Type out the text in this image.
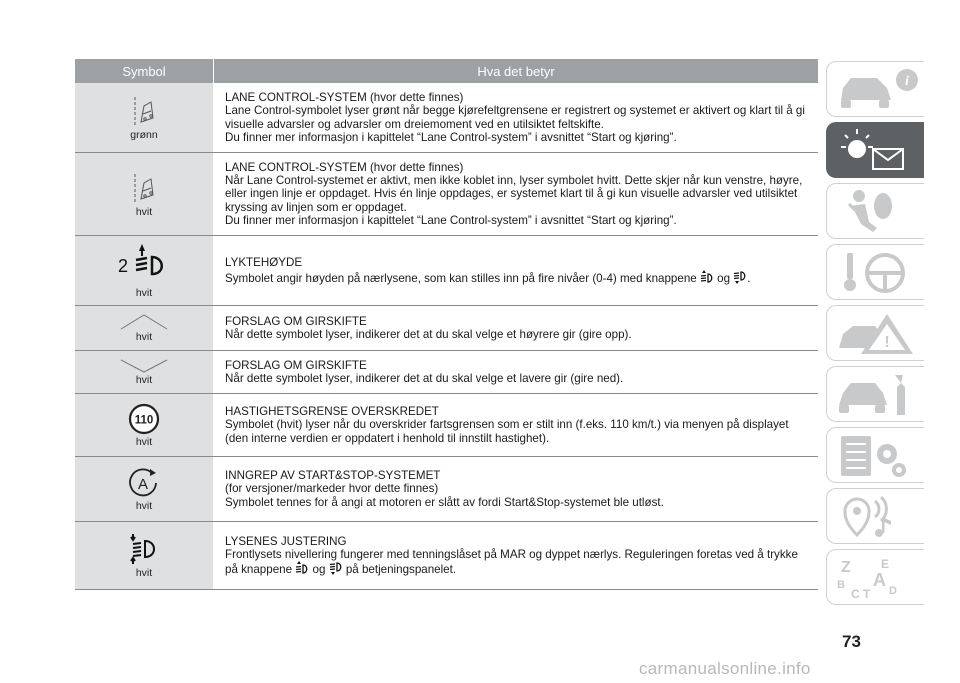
Symbol	Hva det betyr
grønn
LANE CONTROL-SYSTEM (hvor dette finnes)
Lane Control-symbolet lyser grønt når begge kjørefeltgrensene er registrert og systemet er aktivert og klart til å gi
visuelle advarsler og advarsler om dreiemoment ved en utilsiktet feltskifte.
Du finner mer informasjon i kapittelet “Lane Control-system” i avsnittet “Start og kjøring”.
hvit
LANE CONTROL-SYSTEM (hvor dette finnes)
Når Lane Control-systemet er aktivt, men ikke koblet inn, lyser symbolet hvitt. Dette skjer når kun venstre, høyre,
eller ingen linje er oppdaget. Hvis én linje oppdages, er systemet klart til å gi kun visuelle advarsler ved utilsiktet
kryssing av linjen som er oppdaget.
Du finner mer informasjon i kapittelet “Lane Control-system” i avsnittet “Start og kjøring”.
2
hvit
LYKTEHØYDE
Symbolet angir høyden på nærlysene, som kan stilles inn på fire nivåer (0-4) med knappene  og .
hvit
FORSLAG OM GIRSKIFTE
Når dette symbolet lyser, indikerer det at du skal velge et høyrere gir (gire opp).
hvit
FORSLAG OM GIRSKIFTE
Når dette symbolet lyser, indikerer det at du skal velge et lavere gir (gire ned).
110
hvit
HASTIGHETSGRENSE OVERSKREDET
Symbolet (hvit) lyser når du overskrider fartsgrensen som er stilt inn (f.eks. 110 km/t.) via menyen på displayet
(den interne verdien er oppdatert i henhold til innstilt hastighet).
A
hvit
INNGREP AV START&STOP-SYSTEMET
(for versjoner/markeder hvor dette finnes)
Symbolet tennes for å angi at motoren er slått av fordi Start&Stop-systemet ble utløst.
hvit
LYSENES JUSTERING
Frontlysets nivellering fungerer med tenningslåset på MAR og dyppet nærlys. Reguleringen foretas ved å trykke
på knappene  og  på betjeningspanelet.
i
!
Z	E
A
B
C T D
73
carmanualsonline.info
